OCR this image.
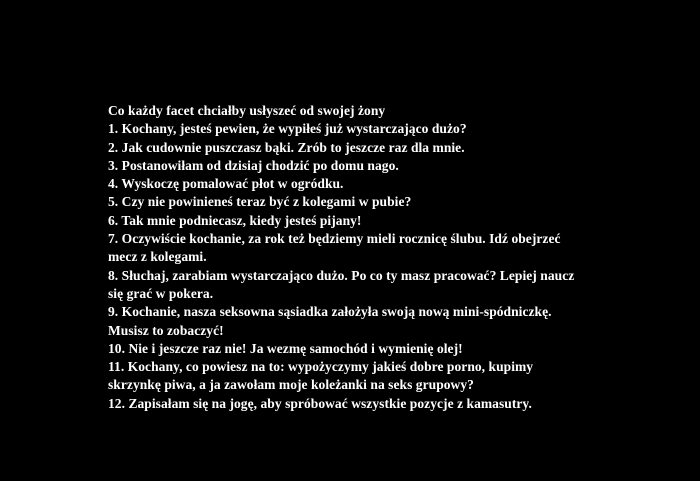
Co każdy facet chciałby usłyszeć od swojej żony

1. Kochany, jesteś pewien, że wypiłeś już wystarczająco dużo?
2. Jak cudownie puszczasz bąki. Zrób to jeszcze raz dla mnie.
3. Postanowiłam od dzisiaj chodzić po domu nago.
4. Wyskoczę pomalować płot w ogródku.
5. Czy nie powinieneś teraz być z kolegami w pubie?
6. Tak mnie podniecasz, kiedy jesteś pijany!
7. Oczywiście kochanie, za rok też będziemy mieli rocznicę ślubu. Idź obejrzeć mecz z kolegami.
8. Słuchaj, zarabiam wystarczająco dużo. Po co ty masz pracować? Lepiej naucz się grać w pokera.
9. Kochanie, nasza seksowna sąsiadka założyła swoją nową mini-spódniczkę. Musisz to zobaczyć!
10. Nie i jeszcze raz nie! Ja wezmę samochód i wymienię olej!
11. Kochany, co powiesz na to: wypożyczymy jakieś dobre porno, kupimy skrzynkę piwa, a ja zawołam moje koleżanki na seks grupowy?
12. Zapisałam się na jogę, aby spróbować wszystkie pozycje z kamasutry.
